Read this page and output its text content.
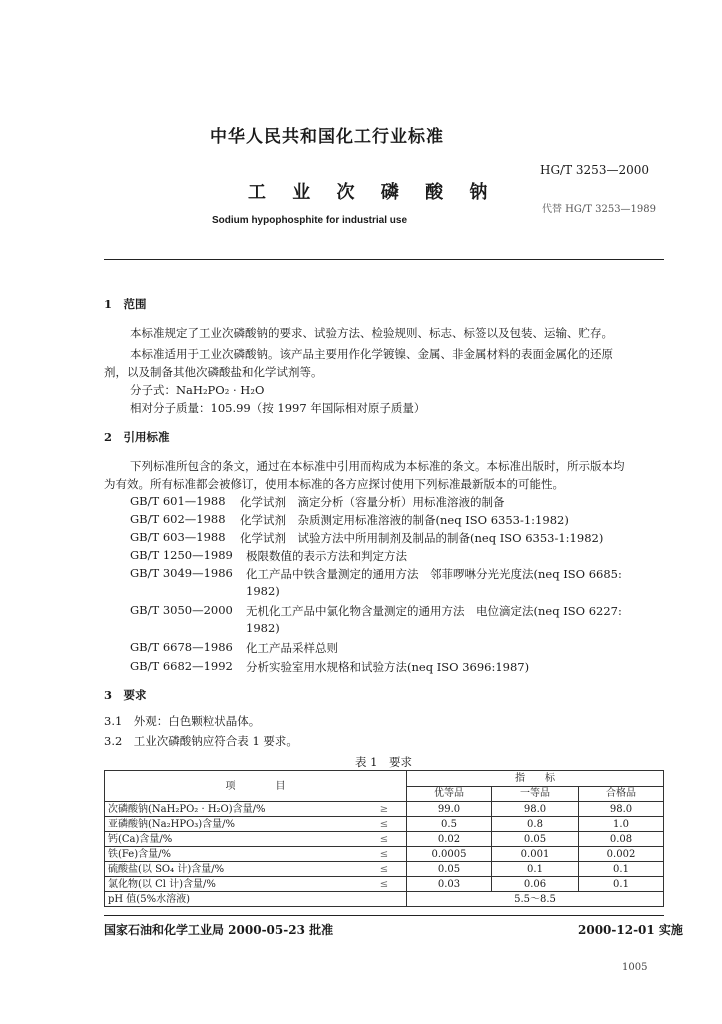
中华人民共和国化工行业标准
HG/T 3253—2000
工 业 次 磷 酸 钠
代替 HG/T 3253—1989
Sodium hypophosphite for industrial use
1　范围
本标准规定了工业次磷酸钠的要求、试验方法、检验规则、标志、标签以及包装、运输、贮存。
本标准适用于工业次磷酸钠。该产品主要用作化学镀镍、金属、非金属材料的表面金属化的还原
剂，以及制备其他次磷酸盐和化学试剂等。
分子式：NaH₂PO₂ · H₂O
相对分子质量：105.99（按 1997 年国际相对原子质量）
2　引用标准
下列标准所包含的条文，通过在本标准中引用而构成为本标准的条文。本标准出版时，所示版本均
为有效。所有标准都会被修订，使用本标准的各方应探讨使用下列标准最新版本的可能性。
GB/T 601—1988 化学试剂　滴定分析（容量分析）用标准溶液的制备
GB/T 602—1988 化学试剂　杂质测定用标准溶液的制备(neq ISO 6353-1:1982)
GB/T 603—1988 化学试剂　试验方法中所用制剂及制品的制备(neq ISO 6353-1:1982)
GB/T 1250—1989 极限数值的表示方法和判定方法
GB/T 3049—1986 化工产品中铁含量测定的通用方法　邻菲啰啉分光光度法(neq ISO 6685:
1982)
GB/T 3050—2000 无机化工产品中氯化物含量测定的通用方法　电位滴定法(neq ISO 6227:
1982)
GB/T 6678—1986 化工产品采样总则
GB/T 6682—1992 分析实验室用水规格和试验方法(neq ISO 3696:1987)
3　要求
3.1　外观：白色颗粒状晶体。
3.2　工业次磷酸钠应符合表 1 要求。
表 1　要求
项　　　　目		指　　标		
		优等品	一等品	合格品
次磷酸钠(NaH₂PO₂ · H₂O)含量/%	≥	99.0	98.0	98.0
亚磷酸钠(Na₂HPO₃)含量/%	≤	0.5	0.8	1.0
钙(Ca)含量/%	≤	0.02	0.05	0.08
铁(Fe)含量/%	≤	0.0005	0.001	0.002
硫酸盐(以 SO₄ 计)含量/%	≤	0.05	0.1	0.1
氯化物(以 Cl 计)含量/%	≤	0.03	0.06	0.1
pH 值(5%水溶液)		5.5～8.5		
国家石油和化学工业局 2000-05-23 批准	2000-12-01 实施
1005
